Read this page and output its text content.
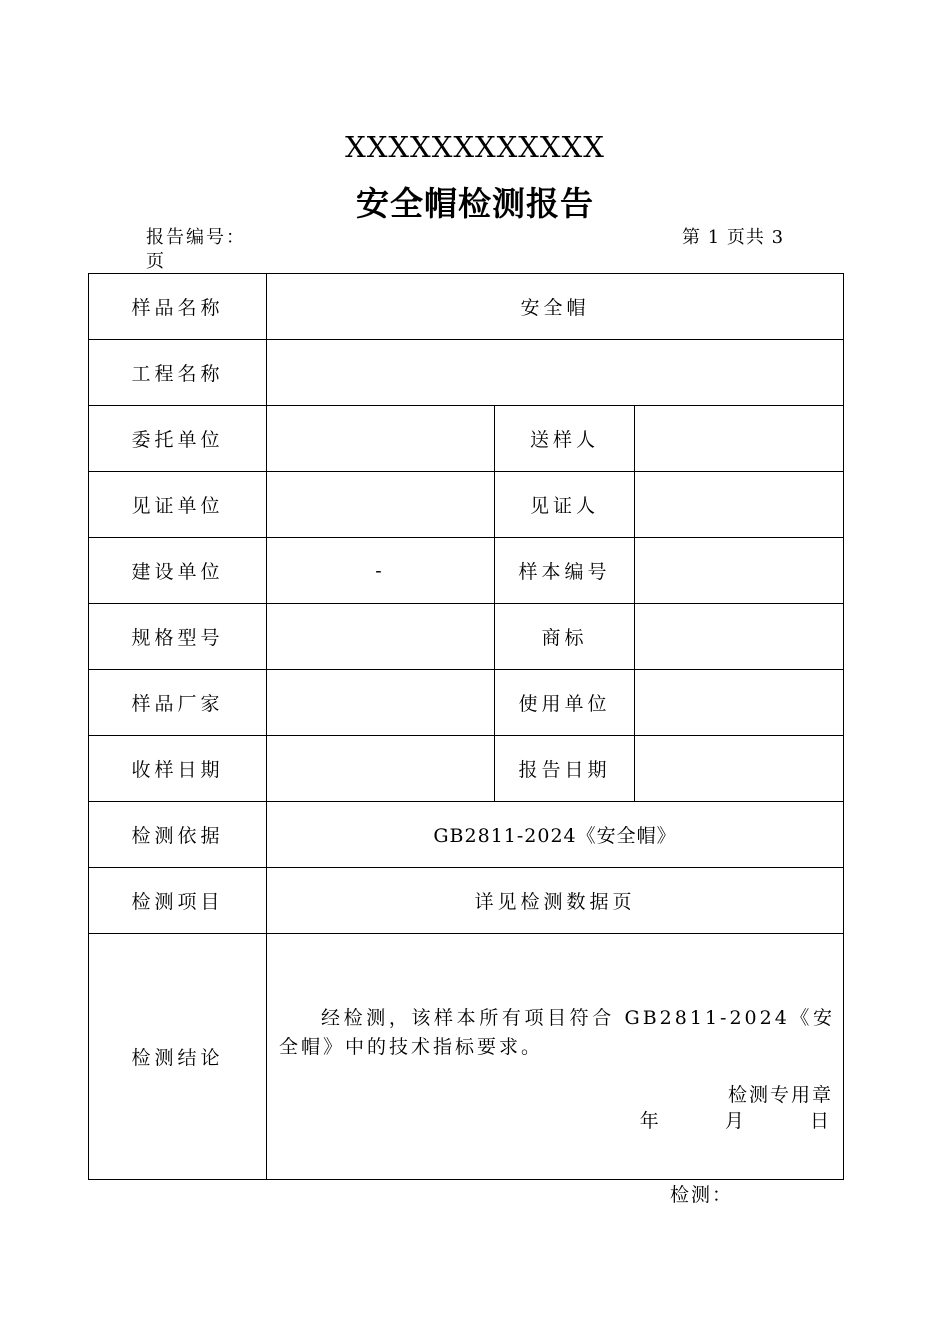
XXXXXXXXXXXX
安全帽检测报告
报告编号：
页
第 1 页共 3
样品名称	安全帽		
工程名称			
委托单位		送样人	
见证单位		见证人	
建设单位	-	样本编号	
规格型号		商标	
样品厂家		使用单位	
收样日期		报告日期	
检测依据	GB2811-2024《安全帽》		
检测项目	详见检测数据页		
检测结论	经检测，该样本所有项目符合 GB2811-2024《安全帽》中的技术指标要求。
检测专用章
年 月 日		
检测：
